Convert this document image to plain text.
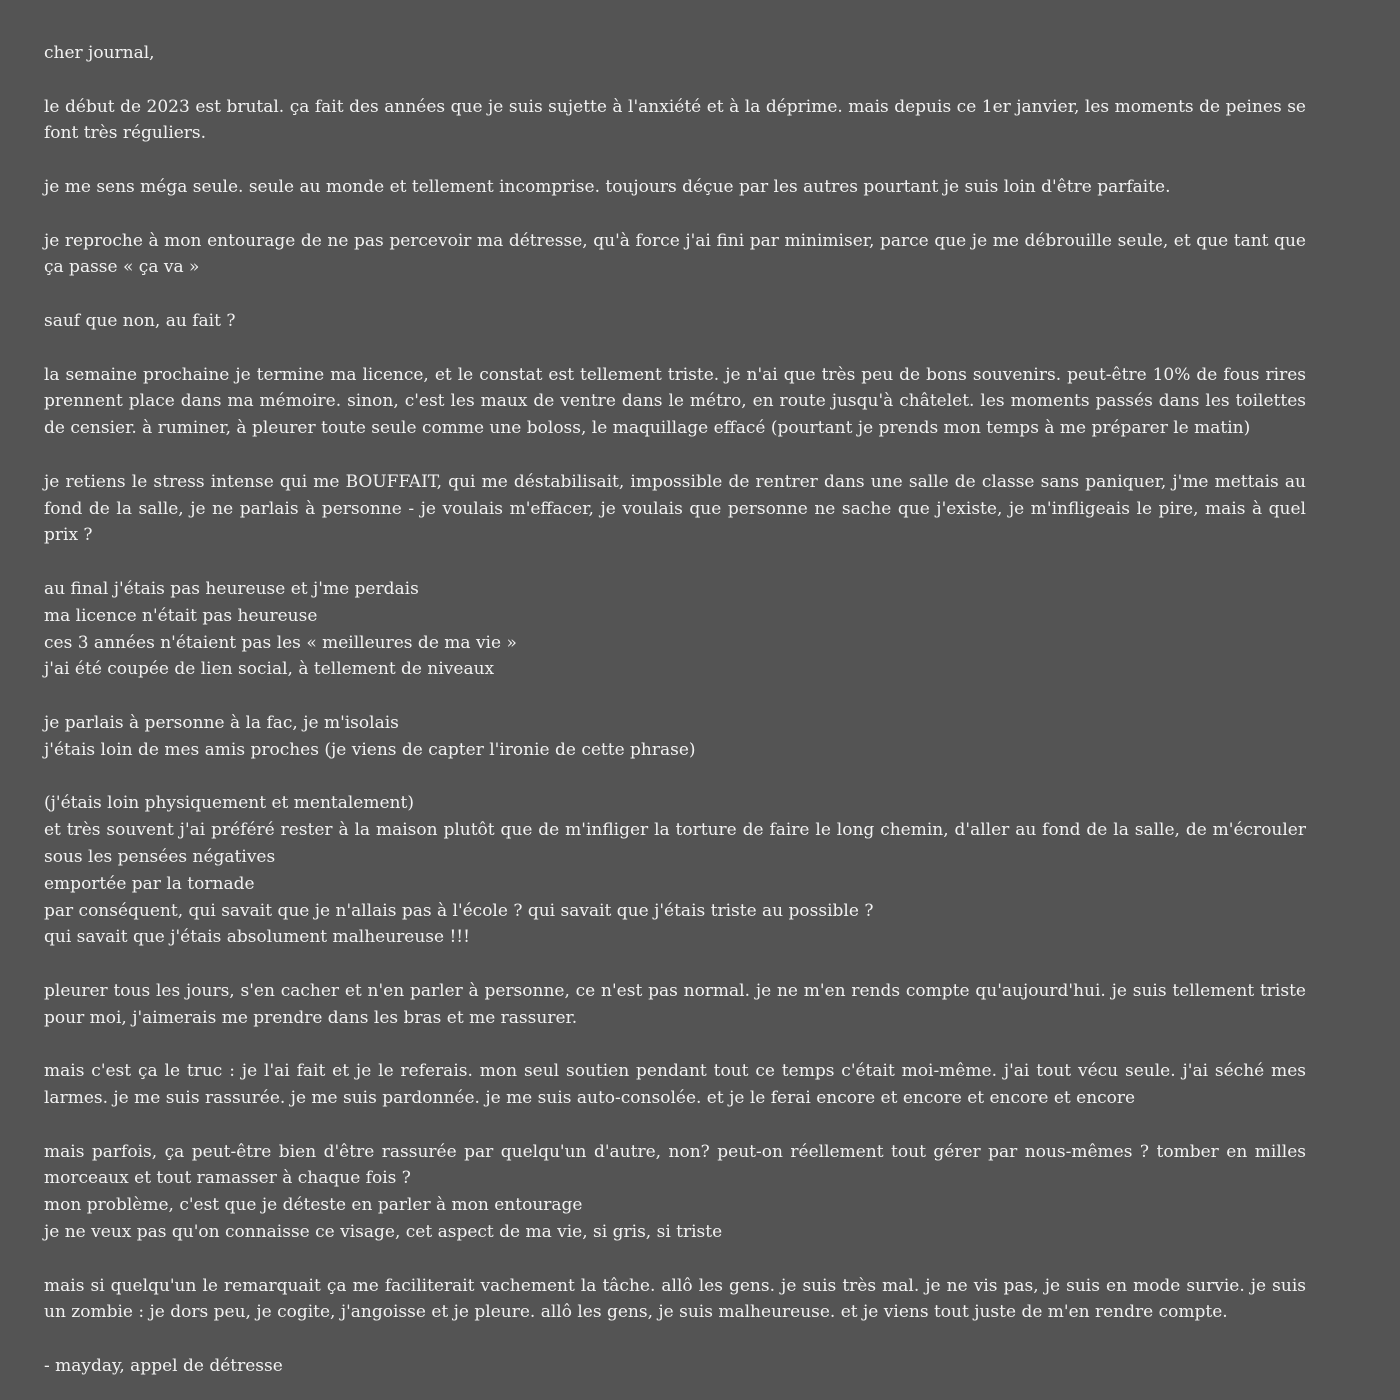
cher journal,

le début de 2023 est brutal. ça fait des années que je suis sujette à l'anxiété et à la déprime. mais depuis ce 1er janvier, les moments de peines se font très réguliers.

je me sens méga seule. seule au monde et tellement incomprise. toujours déçue par les autres pourtant je suis loin d'être parfaite.

je reproche à mon entourage de ne pas percevoir ma détresse, qu'à force j'ai fini par minimiser, parce que je me débrouille seule, et que tant que ça passe « ça va »

sauf que non, au fait ?

la semaine prochaine je termine ma licence, et le constat est tellement triste. je n'ai que très peu de bons souvenirs. peut-être 10% de fous rires prennent place dans ma mémoire. sinon, c'est les maux de ventre dans le métro, en route jusqu'à châtelet. les moments passés dans les toilettes de censier. à ruminer, à pleurer toute seule comme une boloss, le maquillage effacé (pourtant je prends mon temps à me préparer le matin)

je retiens le stress intense qui me BOUFFAIT, qui me déstabilisait, impossible de rentrer dans une salle de classe sans paniquer, j'me mettais au fond de la salle, je ne parlais à personne - je voulais m'effacer, je voulais que personne ne sache que j'existe, je m'infligeais le pire, mais à quel prix ?

au final j'étais pas heureuse et j'me perdais
ma licence n'était pas heureuse
ces 3 années n'étaient pas les « meilleures de ma vie »
j'ai été coupée de lien social, à tellement de niveaux
je parlais à personne à la fac, je m'isolais
j'étais loin de mes amis proches (je viens de capter l'ironie de cette phrase)
(j'étais loin physiquement et mentalement)
et très souvent j'ai préféré rester à la maison plutôt que de m'infliger la torture de faire le long chemin, d'aller au fond de la salle, de m'écrouler sous les pensées négatives
emportée par la tornade
par conséquent, qui savait que je n'allais pas à l'école ? qui savait que j'étais triste au possible ?
qui savait que j'étais absolument malheureuse !!!

pleurer tous les jours, s'en cacher et n'en parler à personne, ce n'est pas normal. je ne m'en rends compte qu'aujourd'hui. je suis tellement triste pour moi, j'aimerais me prendre dans les bras et me rassurer.

mais c'est ça le truc : je l'ai fait et je le referais. mon seul soutien pendant tout ce temps c'était moi-même. j'ai tout vécu seule. j'ai séché mes larmes. je me suis rassurée. je me suis pardonnée. je me suis auto-consolée. et je le ferai encore et encore et encore et encore

mais parfois, ça peut-être bien d'être rassurée par quelqu'un d'autre, non? peut-on réellement tout gérer par nous-mêmes ? tomber en milles morceaux et tout ramasser à chaque fois ?
mon problème, c'est que je déteste en parler à mon entourage
je ne veux pas qu'on connaisse ce visage, cet aspect de ma vie, si gris, si triste

mais si quelqu'un le remarquait ça me faciliterait vachement la tâche. allô les gens. je suis très mal. je ne vis pas, je suis en mode survie. je suis un zombie : je dors peu, je cogite, j'angoisse et je pleure. allô les gens, je suis malheureuse. et je viens tout juste de m'en rendre compte.

- mayday, appel de détresse
